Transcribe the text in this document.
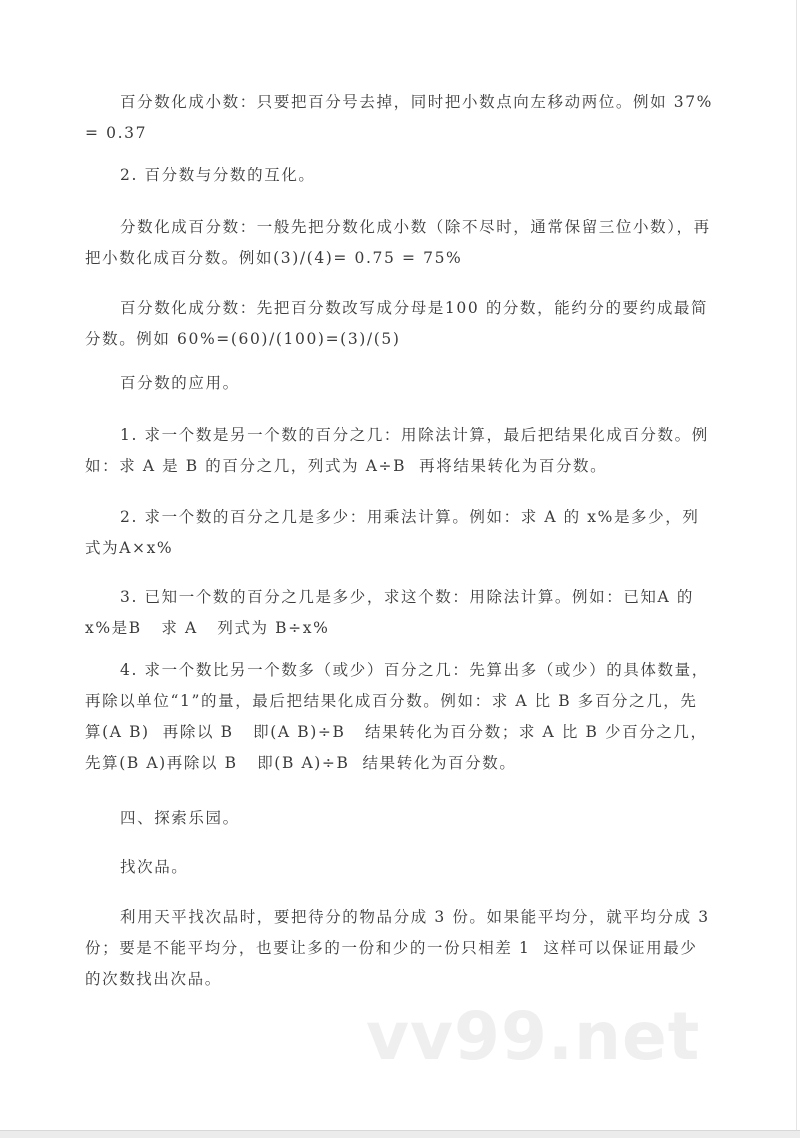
百分数化成小数：只要把百分号去掉，同时把小数点向左移动两位。例如 37% = 0.37

2. 百分数与分数的互化。

分数化成百分数：一般先把分数化成小数（除不尽时，通常保留三位小数），再把小数化成百分数。例如(3)/(4)= 0.75 = 75%

百分数化成分数：先把百分数改写成分母是100 的分数，能约分的要约成最简分数。例如 60%=(60)/(100)=(3)/(5)

百分数的应用。

1. 求一个数是另一个数的百分之几：用除法计算，最后把结果化成百分数。例如：求 A 是 B 的百分之几，列式为 A÷B  再将结果转化为百分数。

2. 求一个数的百分之几是多少：用乘法计算。例如：求 A 的 x%是多少，列式为A×x%

3. 已知一个数的百分之几是多少，求这个数：用除法计算。例如：已知A 的 x%是B   求 A   列式为 B÷x%

4. 求一个数比另一个数多（或少）百分之几：先算出多（或少）的具体数量，再除以单位“1”的量，最后把结果化成百分数。例如：求 A 比 B 多百分之几，先算(A B)  再除以 B   即(A B)÷B   结果转化为百分数；求 A 比 B 少百分之几，先算(B A)再除以 B   即(B A)÷B  结果转化为百分数。

四、探索乐园。

找次品。

利用天平找次品时，要把待分的物品分成 3 份。如果能平均分，就平均分成 3 份；要是不能平均分，也要让多的一份和少的一份只相差 1  这样可以保证用最少的次数找出次品。

vv99.net
